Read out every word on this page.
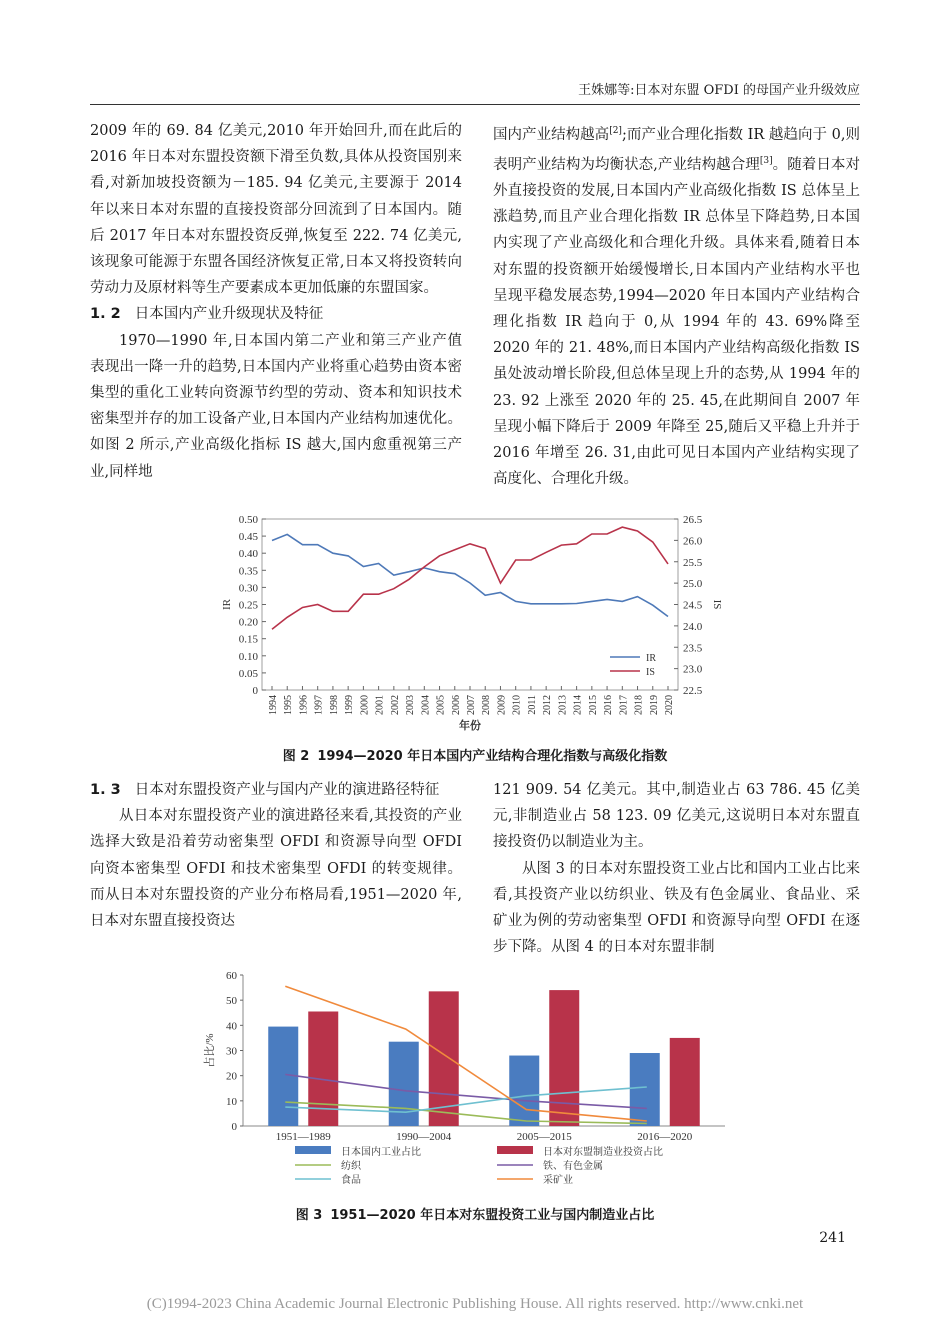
王姝娜等:日本对东盟 OFDI 的母国产业升级效应

2009 年的 69. 84 亿美元,2010 年开始回升,而在此后的 2016 年日本对东盟投资额下滑至负数,具体从投资国别来看,对新加坡投资额为－185. 94 亿美元,主要源于 2014 年以来日本对东盟的直接投资部分回流到了日本国内。随后 2017 年日本对东盟投资反弹,恢复至 222. 74 亿美元,该现象可能源于东盟各国经济恢复正常,日本又将投资转向劳动力及原材料等生产要素成本更加低廉的东盟国家。

1. 2 日本国内产业升级现状及特征

1970—1990 年,日本国内第二产业和第三产业产值表现出一降一升的趋势,日本国内产业将重心趋势由资本密集型的重化工业转向资源节约型的劳动、资本和知识技术密集型并存的加工设备产业,日本国内产业结构加速优化。如图 2 所示,产业高级化指标 IS 越大,国内愈重视第三产业,同样地

国内产业结构越高[2];而产业合理化指数 IR 越趋向于 0,则表明产业结构为均衡状态,产业结构越合理[3]。随着日本对外直接投资的发展,日本国内产业高级化指数 IS 总体呈上涨趋势,而且产业合理化指数 IR 总体呈下降趋势,日本国内实现了产业高级化和合理化升级。具体来看,随着日本对东盟的投资额开始缓慢增长,日本国内产业结构水平也呈现平稳发展态势,1994—2020 年日本国内产业结构合理化指数 IR 趋向于 0,从 1994 年的 43. 69%降至 2020 年的 21. 48%,而日本国内产业结构高级化指数 IS 虽处波动增长阶段,但总体呈现上升的态势,从 1994 年的 23. 92 上涨至 2020 年的 25. 45,在此期间自 2007 年呈现小幅下降后于 2009 年降至 25,随后又平稳上升并于 2016 年增至 26. 31,由此可见日本国内产业结构实现了高度化、合理化升级。

0
0.05
0.10
0.15
0.20
0.25
0.30
0.35
0.40
0.45
0.50
22.5
23.0
23.5
24.0
24.5
25.0
25.5
26.0
26.5
1994 1995 1996 1997 1998 1999 2000 2001 2002 2003 2004 2005 2006 2007 2008 2009 2010 2011 2012 2013 2014 2015 2016 2017 2018 2019 2020
IR	IS
年份
IR
IS
图 2 1994—2020 年日本国内产业结构合理化指数与高级化指数
1. 3 日本对东盟投资产业与国内产业的演进路径特征

从日本对东盟投资产业的演进路径来看,其投资的产业选择大致是沿着劳动密集型 OFDI 和资源导向型 OFDI 向资本密集型 OFDI 和技术密集型 OFDI 的转变规律。而从日本对东盟投资的产业分布格局看,1951—2020 年,日本对东盟直接投资达

121 909. 54 亿美元。其中,制造业占 63 786. 45 亿美元,非制造业占 58 123. 09 亿美元,这说明日本对东盟直接投资仍以制造业为主。

从图 3 的日本对东盟投资工业占比和国内工业占比来看,其投资产业以纺织业、铁及有色金属业、食品业、采矿业为例的劳动密集型 OFDI 和资源导向型 OFDI 在逐步下降。从图 4 的日本对东盟非制

0
10
20
30
40
50
60
占比/%
1951—1989	1990—2004	2005—2015	2016—2020
日本国内工业占比	日本对东盟制造业投资占比
纺织	铁、有色金属
食品	采矿业
图 3 1951—2020 年日本对东盟投资工业与国内制造业占比
241
(C)1994-2023 China Academic Journal Electronic Publishing House. All rights reserved. http://www.cnki.net
